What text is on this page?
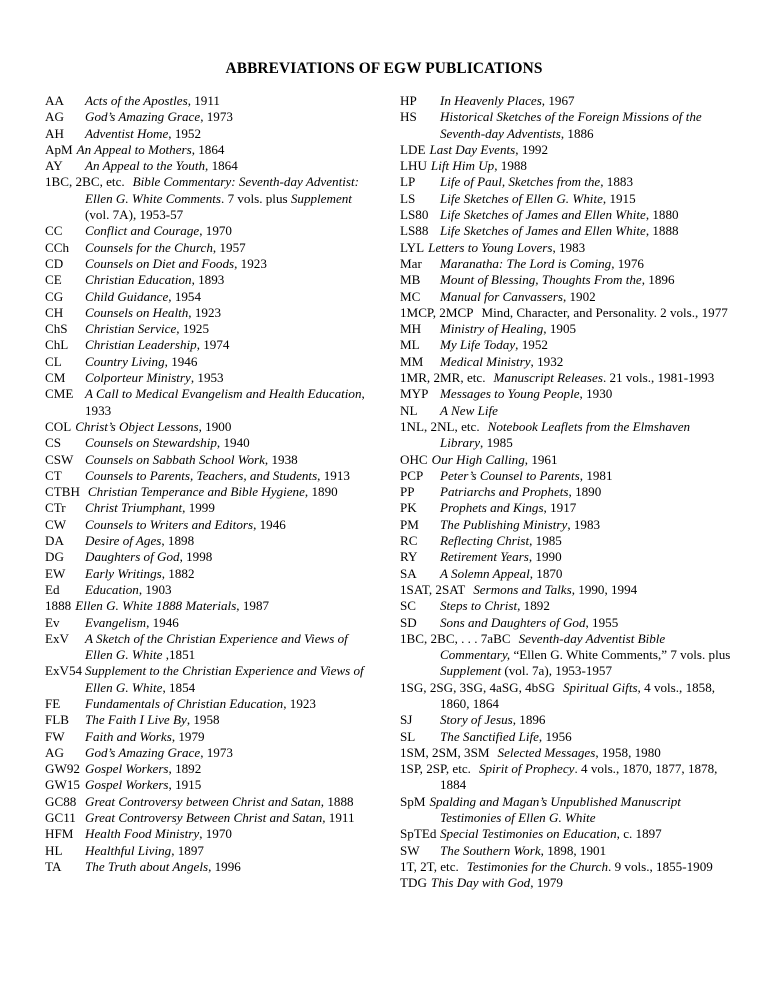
ABBREVIATIONS OF EGW PUBLICATIONS
AA Acts of the Apostles, 1911
AG God’s Amazing Grace, 1973
AH Adventist Home, 1952
ApM An Appeal to Mothers, 1864
AY An Appeal to the Youth, 1864
1BC, 2BC, etc. Bible Commentary: Seventh-day Adventist: Ellen G. White Comments. 7 vols. plus Supplement (vol. 7A), 1953-57
CC Conflict and Courage, 1970
CCh Counsels for the Church, 1957
CD Counsels on Diet and Foods, 1923
CE Christian Education, 1893
CG Child Guidance, 1954
CH Counsels on Health, 1923
ChS Christian Service, 1925
ChL Christian Leadership, 1974
CL Country Living, 1946
CM Colporteur Ministry, 1953
CME A Call to Medical Evangelism and Health Education, 1933
COL Christ’s Object Lessons, 1900
CS Counsels on Stewardship, 1940
CSW Counsels on Sabbath School Work, 1938
CT Counsels to Parents, Teachers, and Students, 1913
CTBH Christian Temperance and Bible Hygiene, 1890
CTr Christ Triumphant, 1999
CW Counsels to Writers and Editors, 1946
DA Desire of Ages, 1898
DG Daughters of God, 1998
EW Early Writings, 1882
Ed Education, 1903
1888 Ellen G. White 1888 Materials, 1987
Ev Evangelism, 1946
ExV A Sketch of the Christian Experience and Views of Ellen G. White ,1851
ExV54 Supplement to the Christian Experience and Views of Ellen G. White, 1854
FE Fundamentals of Christian Education, 1923
FLB The Faith I Live By, 1958
FW Faith and Works, 1979
AG God’s Amazing Grace, 1973
GW92 Gospel Workers, 1892
GW15 Gospel Workers, 1915
GC88 Great Controversy between Christ and Satan, 1888
GC11 Great Controversy Between Christ and Satan, 1911
HFM Health Food Ministry, 1970
HL Healthful Living, 1897
TA The Truth about Angels, 1996
HP In Heavenly Places, 1967
HS Historical Sketches of the Foreign Missions of the Seventh-day Adventists, 1886
LDE Last Day Events, 1992
LHU Lift Him Up, 1988
LP Life of Paul, Sketches from the, 1883
LS Life Sketches of Ellen G. White, 1915
LS80 Life Sketches of James and Ellen White, 1880
LS88 Life Sketches of James and Ellen White, 1888
LYL Letters to Young Lovers, 1983
Mar Maranatha: The Lord is Coming, 1976
MB Mount of Blessing, Thoughts From the, 1896
MC Manual for Canvassers, 1902
1MCP, 2MCP Mind, Character, and Personality. 2 vols., 1977
MH Ministry of Healing, 1905
ML My Life Today, 1952
MM Medical Ministry, 1932
1MR, 2MR, etc. Manuscript Releases. 21 vols., 1981-1993
MYP Messages to Young People, 1930
NL A New Life
1NL, 2NL, etc. Notebook Leaflets from the Elmshaven Library, 1985
OHC Our High Calling, 1961
PCP Peter’s Counsel to Parents, 1981
PP Patriarchs and Prophets, 1890
PK Prophets and Kings, 1917
PM The Publishing Ministry, 1983
RC Reflecting Christ, 1985
RY Retirement Years, 1990
SA A Solemn Appeal, 1870
1SAT, 2SAT Sermons and Talks, 1990, 1994
SC Steps to Christ, 1892
SD Sons and Daughters of God, 1955
1BC, 2BC, . . . 7aBC Seventh-day Adventist Bible Commentary, “Ellen G. White Comments,” 7 vols. plus Supplement (vol. 7a), 1953-1957
1SG, 2SG, 3SG, 4aSG, 4bSG Spiritual Gifts, 4 vols., 1858, 1860, 1864
SJ Story of Jesus, 1896
SL The Sanctified Life, 1956
1SM, 2SM, 3SM Selected Messages, 1958, 1980
1SP, 2SP, etc. Spirit of Prophecy. 4 vols., 1870, 1877, 1878, 1884
SpM Spalding and Magan’s Unpublished Manuscript Testimonies of Ellen G. White
SpTEd Special Testimonies on Education, c. 1897
SW The Southern Work, 1898, 1901
1T, 2T, etc. Testimonies for the Church. 9 vols., 1855-1909
TDG This Day with God, 1979
